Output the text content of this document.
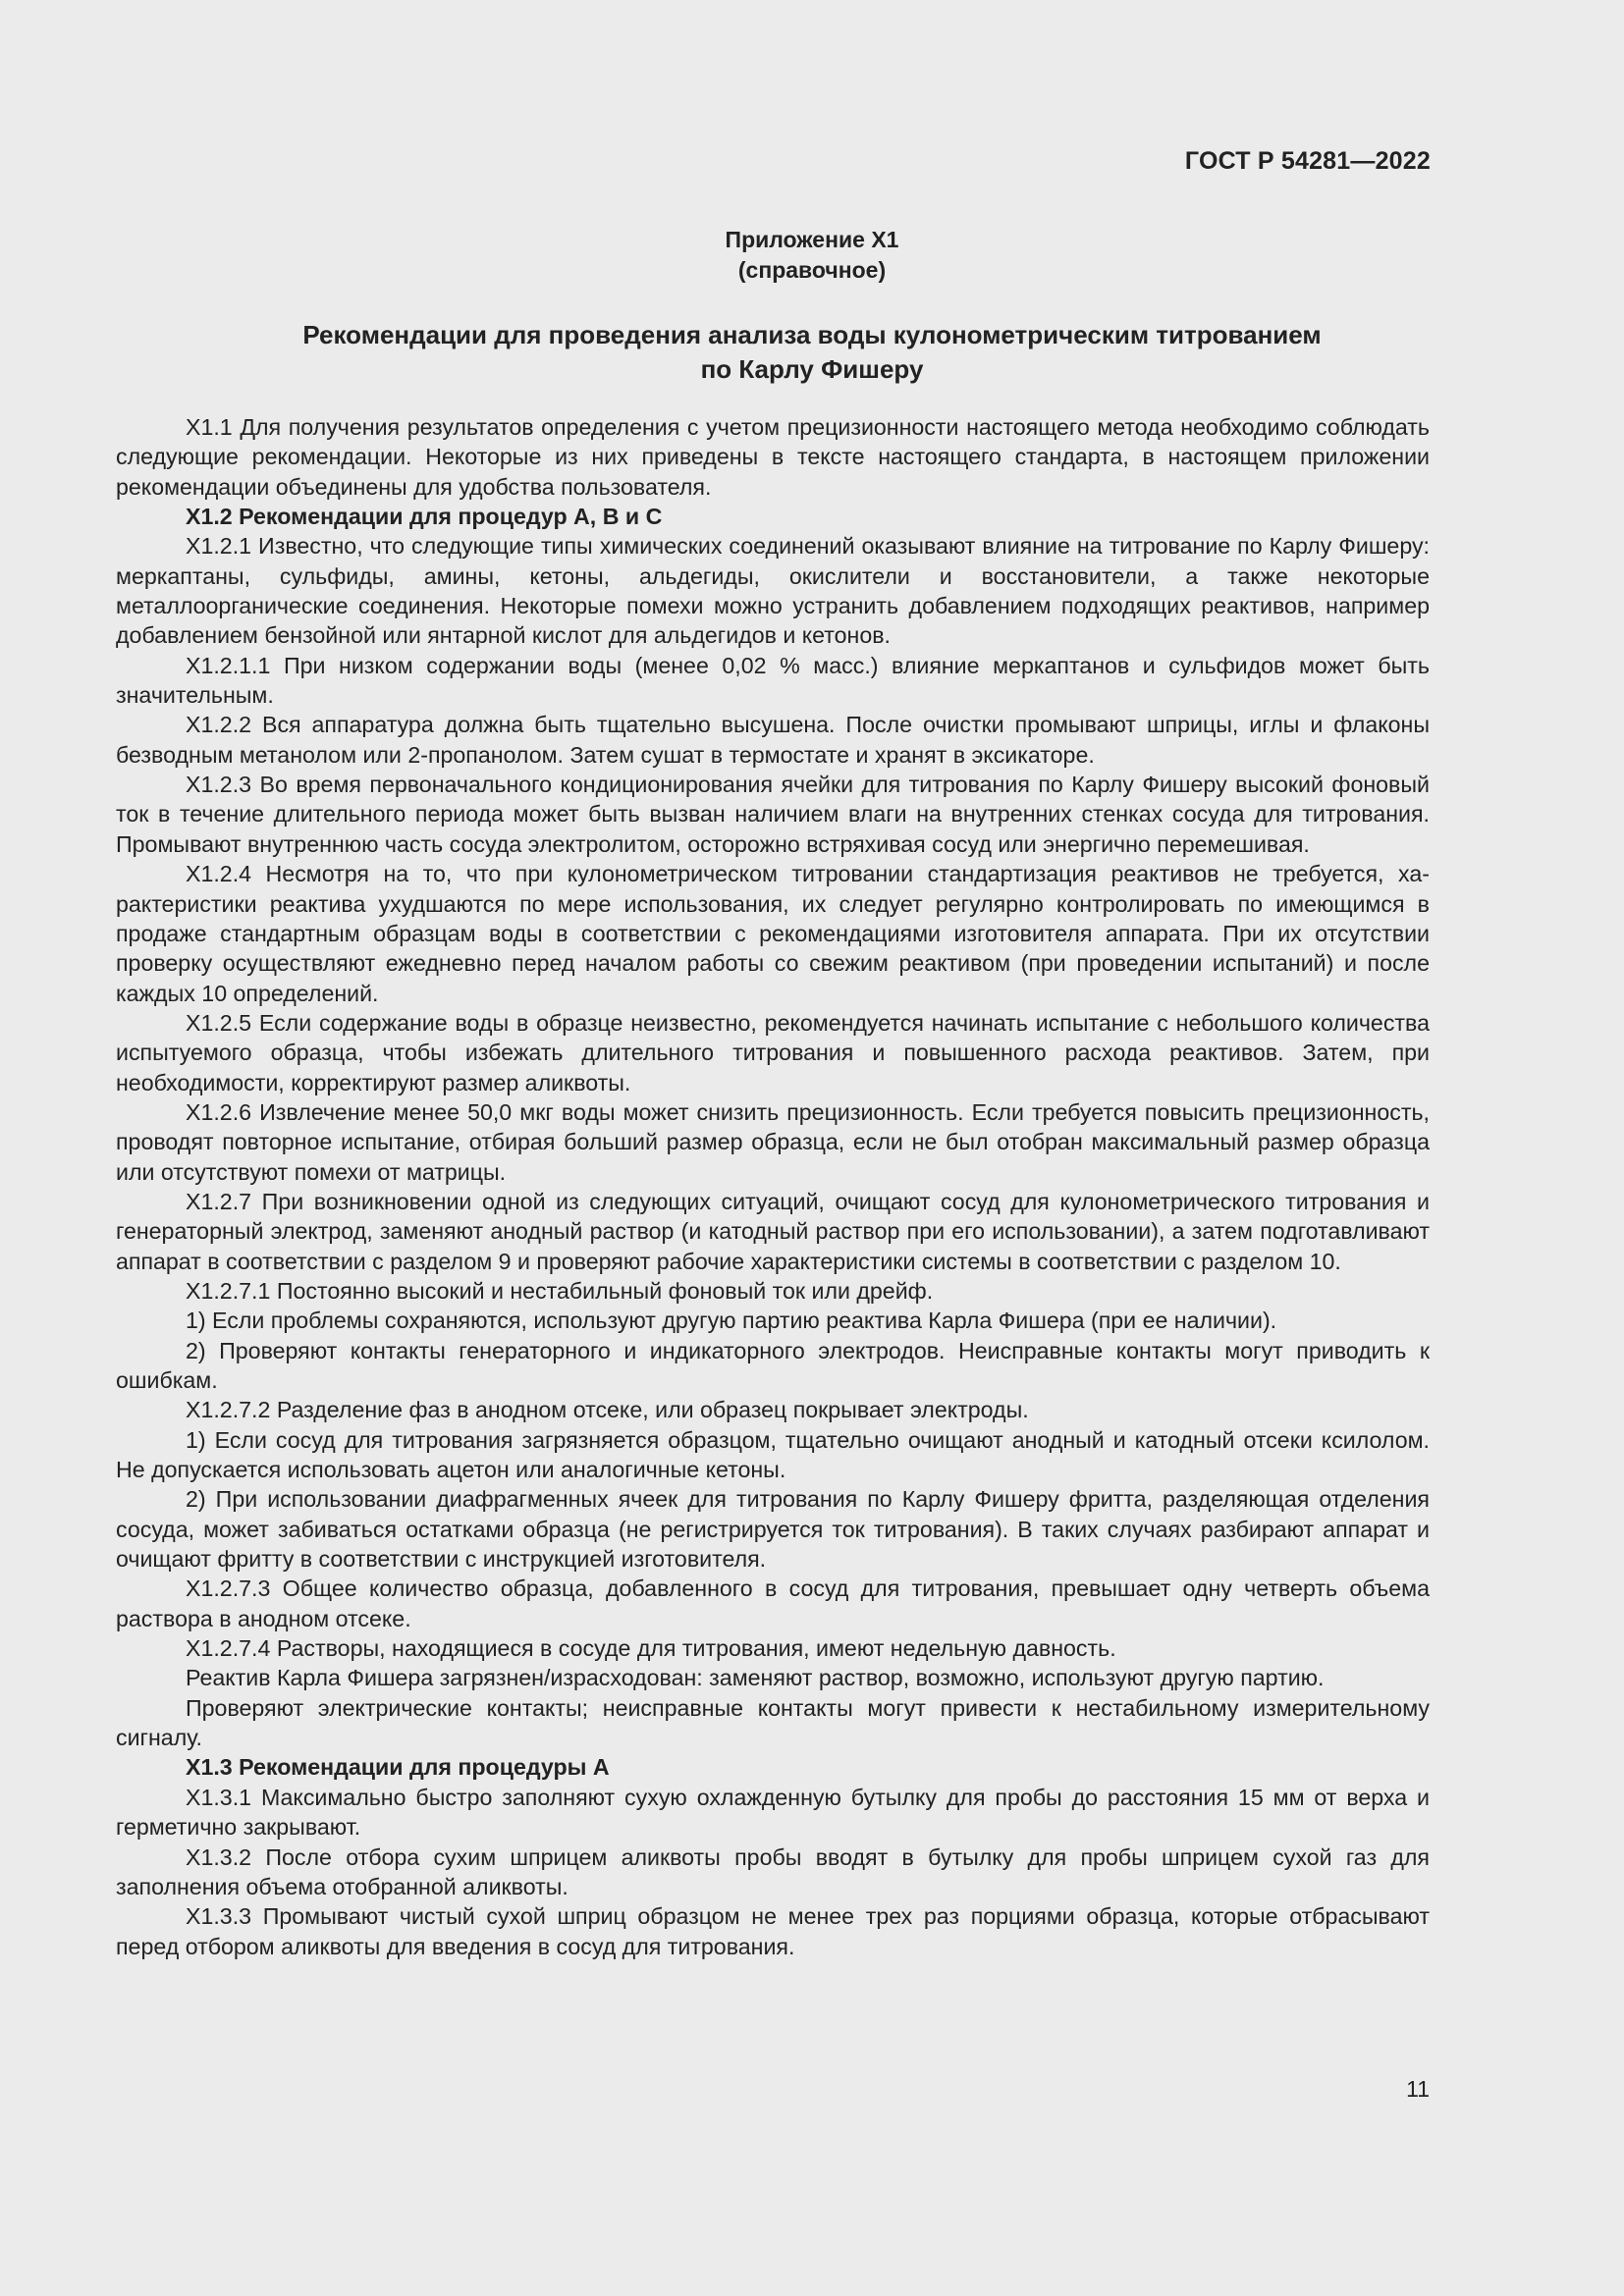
ГОСТ Р 54281—2022
Приложение Х1
(справочное)
Рекомендации для проведения анализа воды кулонометрическим титрованием
по Карлу Фишеру

X1.1 Для получения результатов определения с учетом прецизионности настоящего метода необходимо соблюдать следующие рекомендации. Некоторые из них приведены в тексте настоящего стандарта, в настоящем приложении рекомендации объединены для удобства пользователя.

X1.2 Рекомендации для процедур А, В и С

X1.2.1 Известно, что следующие типы химических соединений оказывают влияние на титрование по Карлу Фишеру: меркаптаны, сульфиды, амины, кетоны, альдегиды, окислители и восстановители, а также некоторые металлоорганические соединения. Некоторые помехи можно устранить добавлением подходящих реактивов, например добавлением бензойной или янтарной кислот для альдегидов и кетонов.

X1.2.1.1 При низком содержании воды (менее 0,02 % масс.) влияние меркаптанов и сульфидов может быть значительным.

X1.2.2 Вся аппаратура должна быть тщательно высушена. После очистки промывают шприцы, иглы и флаконы безводным метанолом или 2-пропанолом. Затем сушат в термостате и хранят в эксикаторе.

X1.2.3 Во время первоначального кондиционирования ячейки для титрования по Карлу Фишеру высокий фоновый ток в течение длительного периода может быть вызван наличием влаги на внутренних стенках сосуда для титрования. Промывают внутреннюю часть сосуда электролитом, осторожно встряхивая сосуд или энергично перемешивая.

X1.2.4 Несмотря на то, что при кулонометрическом титровании стандартизация реактивов не требуется, характеристики реактива ухудшаются по мере использования, их следует регулярно контролировать по имеющимся в продаже стандартным образцам воды в соответствии с рекомендациями изготовителя аппарата. При их отсутствии проверку осуществляют ежедневно перед началом работы со свежим реактивом (при проведении испытаний) и после каждых 10 определений.

X1.2.5 Если содержание воды в образце неизвестно, рекомендуется начинать испытание с небольшого количества испытуемого образца, чтобы избежать длительного титрования и повышенного расхода реактивов. Затем, при необходимости, корректируют размер аликвоты.

X1.2.6 Извлечение менее 50,0 мкг воды может снизить прецизионность. Если требуется повысить прецизионность, проводят повторное испытание, отбирая больший размер образца, если не был отобран максимальный размер образца или отсутствуют помехи от матрицы.

X1.2.7 При возникновении одной из следующих ситуаций, очищают сосуд для кулонометрического титрования и генераторный электрод, заменяют анодный раствор (и катодный раствор при его использовании), а затем подготавливают аппарат в соответствии с разделом 9 и проверяют рабочие характеристики системы в соответствии с разделом 10.

X1.2.7.1 Постоянно высокий и нестабильный фоновый ток или дрейф.

1) Если проблемы сохраняются, используют другую партию реактива Карла Фишера (при ее наличии).

2) Проверяют контакты генераторного и индикаторного электродов. Неисправные контакты могут приводить к ошибкам.

X1.2.7.2 Разделение фаз в анодном отсеке, или образец покрывает электроды.

1) Если сосуд для титрования загрязняется образцом, тщательно очищают анодный и катодный отсеки ксилолом. Не допускается использовать ацетон или аналогичные кетоны.

2) При использовании диафрагменных ячеек для титрования по Карлу Фишеру фритта, разделяющая отделения сосуда, может забиваться остатками образца (не регистрируется ток титрования). В таких случаях разбирают аппарат и очищают фритту в соответствии с инструкцией изготовителя.

X1.2.7.3 Общее количество образца, добавленного в сосуд для титрования, превышает одну четверть объема раствора в анодном отсеке.

X1.2.7.4 Растворы, находящиеся в сосуде для титрования, имеют недельную давность.

Реактив Карла Фишера загрязнен/израсходован: заменяют раствор, возможно, используют другую партию.

Проверяют электрические контакты; неисправные контакты могут привести к нестабильному измерительному сигналу.

X1.3 Рекомендации для процедуры А

X1.3.1 Максимально быстро заполняют сухую охлажденную бутылку для пробы до расстояния 15 мм от верха и герметично закрывают.

X1.3.2 После отбора сухим шприцем аликвоты пробы вводят в бутылку для пробы шприцем сухой газ для заполнения объема отобранной аликвоты.

X1.3.3 Промывают чистый сухой шприц образцом не менее трех раз порциями образца, которые отбрасывают перед отбором аликвоты для введения в сосуд для титрования.

11
